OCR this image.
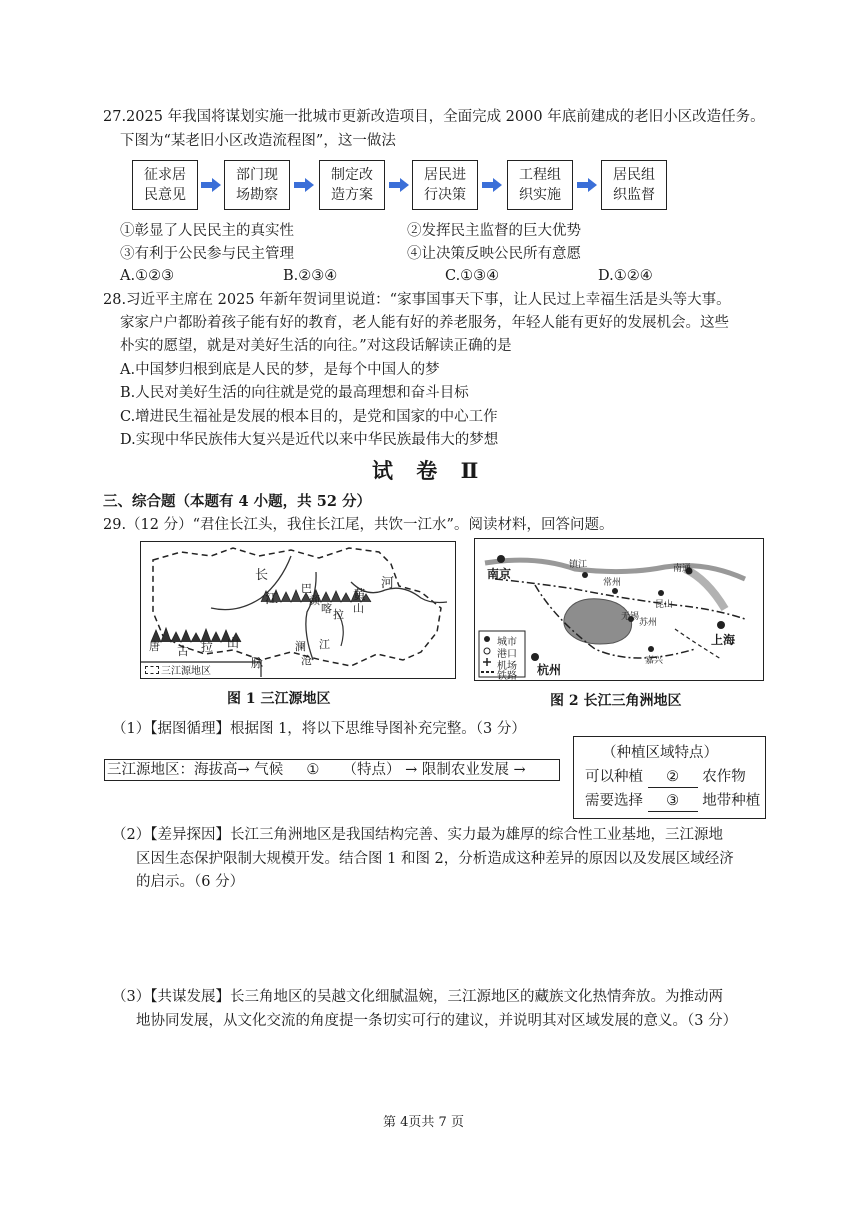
27.2025 年我国将谋划实施一批城市更新改造项目，全面完成 2000 年底前建成的老旧小区改造任务。
下图为“某老旧小区改造流程图”，这一做法
征求居
民意见
部门现
场勘察
制定改
造方案
居民进
行决策
工程组
织实施
居民组
织监督
①彰显了人民民主的真实性	②发挥民主监督的巨大优势
③有利于公民参与民主管理	④让决策反映公民所有意愿
A.①②③	B.②③④	C.①③④	D.①②④
28.习近平主席在 2025 年新年贺词里说道：“家事国事天下事，让人民过上幸福生活是头等大事。
家家户户都盼着孩子能有好的教育，老人能有好的养老服务，年轻人能有更好的发展机会。这些
朴实的愿望，就是对美好生活的向往。”对这段话解读正确的是
A.中国梦归根到底是人民的梦，是每个中国人的梦
B.人民对美好生活的向往就是党的最高理想和奋斗目标
C.增进民生福祉是发展的根本目的，是党和国家的中心工作
D.实现中华民族伟大复兴是近代以来中华民族最伟大的梦想
试 卷 Ⅱ
三、综合题（本题有 4 小题，共 52 分）
29.（12 分）“君住长江头，我住长江尾，共饮一江水”。阅读材料，回答问题。
长
江
巴
颜
喀 拉 山
黄
河
唐 古 拉 山
脉
澜
沧
江
三江源地区
图 1 三江源地区
南京
镇江
常州
南通
无锡
昆山
苏州
上海
嘉兴
杭州
城市
港口
机场
铁路
图 2 长江三角洲地区
（1）【据图循理】根据图 1，将以下思维导图补充完整。（3 分）
三江源地区：海拔高→ 气候 ① （特点） → 限制农业发展 →
（种植区域特点）
可以种植 ② 农作物
需要选择 ③ 地带种植
（2）【差异探因】长江三角洲地区是我国结构完善、实力最为雄厚的综合性工业基地，三江源地
区因生态保护限制大规模开发。结合图 1 和图 2，分析造成这种差异的原因以及发展区域经济
的启示。（6 分）
（3）【共谋发展】长三角地区的吴越文化细腻温婉，三江源地区的藏族文化热情奔放。为推动两
地协同发展，从文化交流的角度提一条切实可行的建议，并说明其对区域发展的意义。（3 分）
第 4页共 7 页
